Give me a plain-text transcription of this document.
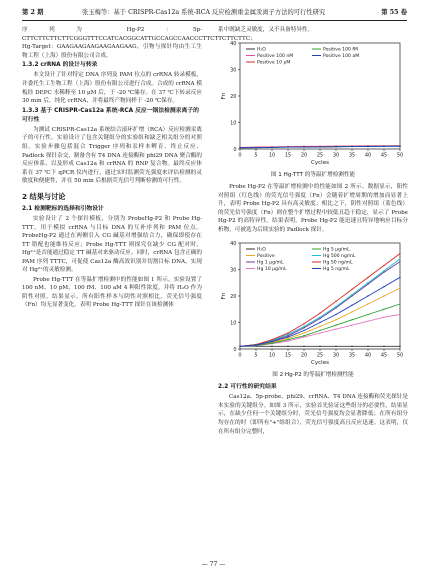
第 2 期	张玉梅等：基于 CRISPR-Cas12a 系统-RCA 反应检测重金属汞离子方法的可行性研究	第 55 卷

序列为 Hg-P2：5p-CTTCTTCTTCTTCGGGTTTCCATCACGGCATTGCCAGCCAACCCTTCTTCTTCTTC；Hg-Target：GAAGAAGAAGAAGAAGAAG。引物与探针均由生工生物工程（上海）股份有限公司合成。

1.3.2 crRNA 的设计与转录

本文设计了针对特定 DNA 序列及 PAM 位点的 crRNA 转录模板，并委托生工生物工程（上海）股份有限公司进行合成。合成的 crRNA 模板经 DEPC 水稀释至 10 μM 后，于 -20 ℃储存。在 37 ℃下转录反应 30 min 后，纯化 crRNA，并将最终产物同样于 -20 ℃保存。

1.3.3 基于 CRISPR-Cas12a 系统-RCA 反应一锅法检测汞离子的可行性

为测试 CRISPR-Cas12a 系统结合滚环扩增（RCA）反应检测汞离子的可行性，实验设计了包含关键组分的实验组和缺乏相关组分的对照组。实验步骤包括混合 Trigger 序列和汞样本孵育、终止反应、Padlock 探针杂交、制备含有 T4 DNA 连接酶和 phi29 DNA 聚合酶的反应体系、以及形成 Cas12a 和 crRNA 的 RNP 复合物。最终反应体系在 37 ℃下 qPCR 仪内进行，通过实时监测荧光强度来评估检测的灵敏度和便捷性，并在 50 min 后根据荧光信号判断检测的可行性。

2 结果与讨论
2.1 检测靶标的选择和引物设计

实验设计了 2 个探针模板，分别为 ProbeHg-P2 和 Probe Hg-TTT，用于模拟 crRNA 与目标 DNA 的互补序列和 PAM 位点。ProbeHg-P2 通过在两侧引入 CG 碱基对增强结合力，确保即使存在 TT 错配也能维持反应；Probe Hg-TTT 则探究在缺少 CG 配对时，Hg²⁺是否能通过稳定 TT 碱基对来驱动反应。同时，crRNA 包含正确的 PAM 序列 TTTC，可促使 Cas12a 酶高效识别并切割目标 DNA，实现对 Hg²⁺的灵敏检测。

Probe Hg-TTT 在等温扩增检测中的性能如图 1 所示。实验设置了 100 nM、10 pM、100 fM、100 aM 4 种阳性浓度，并将 H₂O 作为阴性对照。结果显示，所有阳性样本与阴性对照相比，荧光信号强度（Fn）均无显著变化，表明 Probe Hg-TTT 探针在该检测体

系中既缺乏灵敏度，又不具备特异性。

0	5 10 15 20 25 30 35 40 45 50
0
10
20
30
40
Cycles
Fn
H₂O
Positive 100 nM
Positive 10 pM
Positive 100 fM
Positive 100 aM
图 1 Hg-TTT 的等温扩增检测性能

Probe Hg-P2 在等温扩增检测中的性能如图 2 所示。数据显示，阳性对照组（红色线）的荧光信号强度（Fn）会随着扩增周期的增加而显著上升，表明 Probe Hg-P2 具有高灵敏度；相比之下，阴性对照组（蓝色线）的荧光信号强度（Fn）则在整个扩增过程中较低且趋于稳定，显示了 Probe Hg-P2 的高特异性。结果表明，Probe Hg-P2 能迅速且特异地响应目标分析物，可被选为后续实验的 Padlock 探针。

0	5 10 15 20 25 30 35 40 45 50
0
10
20
30
40
Cycles
Fn
H₂O
Positive
Hg 1 μg/mL
Hg 10 μg/mL
Hg 5 μg/mL
Hg 500 ng/mL
Hg 50 ng/mL
Hg 5 ng/mL
图 2 Hg-P2 的等温扩增检测性能
2.2 可行性的研究结果

Cas12a、5p-probe、phi29、crRNA、T4 DNA 连接酶和荧光探针是本实验的关键组分。如图 3 所示，实验首先验证这些组分的必要性，结果显示，在缺少任何一个关键组分时，荧光信号强度均会显著降低；在所有组分均存在的时（即所有"+"组组合），荧光信号强度高且反应迅速。这表明，仅在所有组分完整时，

— 77 —
